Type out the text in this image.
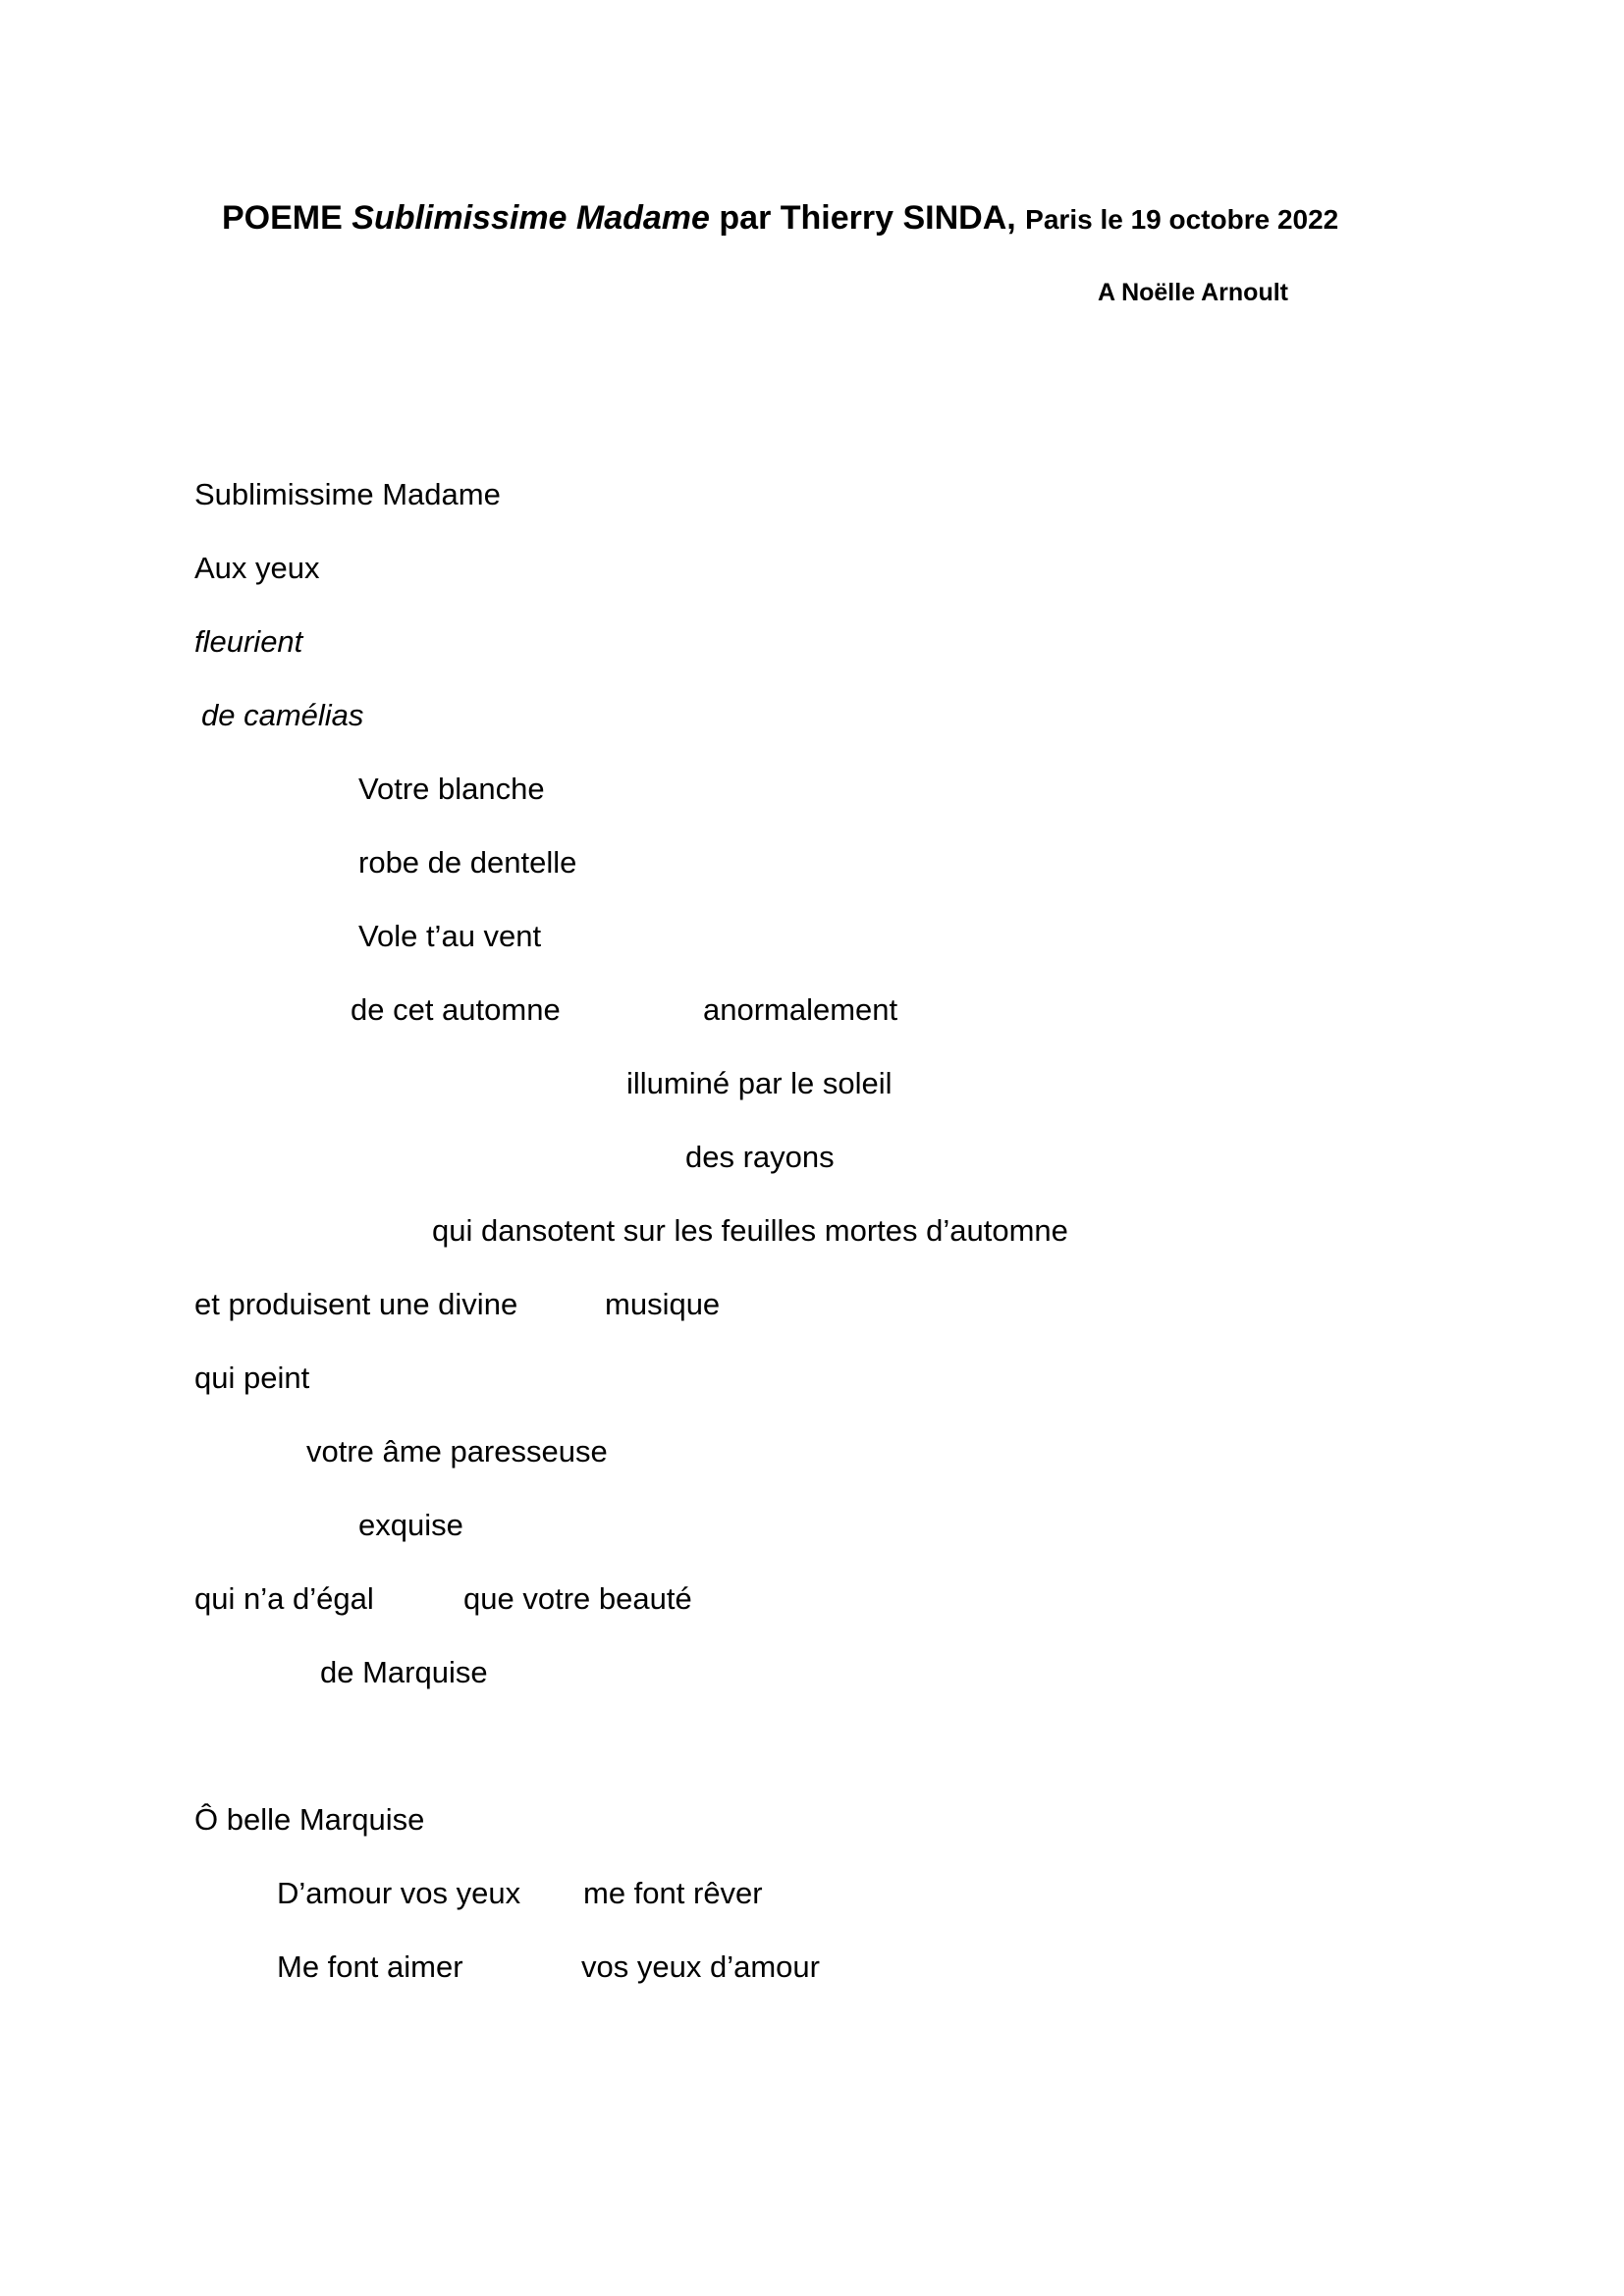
POEME Sublimissime Madame par Thierry SINDA, Paris le 19 octobre 2022
A Noëlle Arnoult
Sublimissime Madame
Aux yeux
fleurient
de camélias
Votre blanche
robe de dentelle
Vole t’au vent
de cet automne	anormalement
illuminé par le soleil
des rayons
qui dansotent sur les feuilles mortes d’automne
et produisent une divine	musique
qui peint
votre âme paresseuse
exquise
qui n’a d’égal	que votre beauté
de Marquise
Ô belle Marquise
D’amour vos yeux me font rêver
Me font aimer	vos yeux d’amour
